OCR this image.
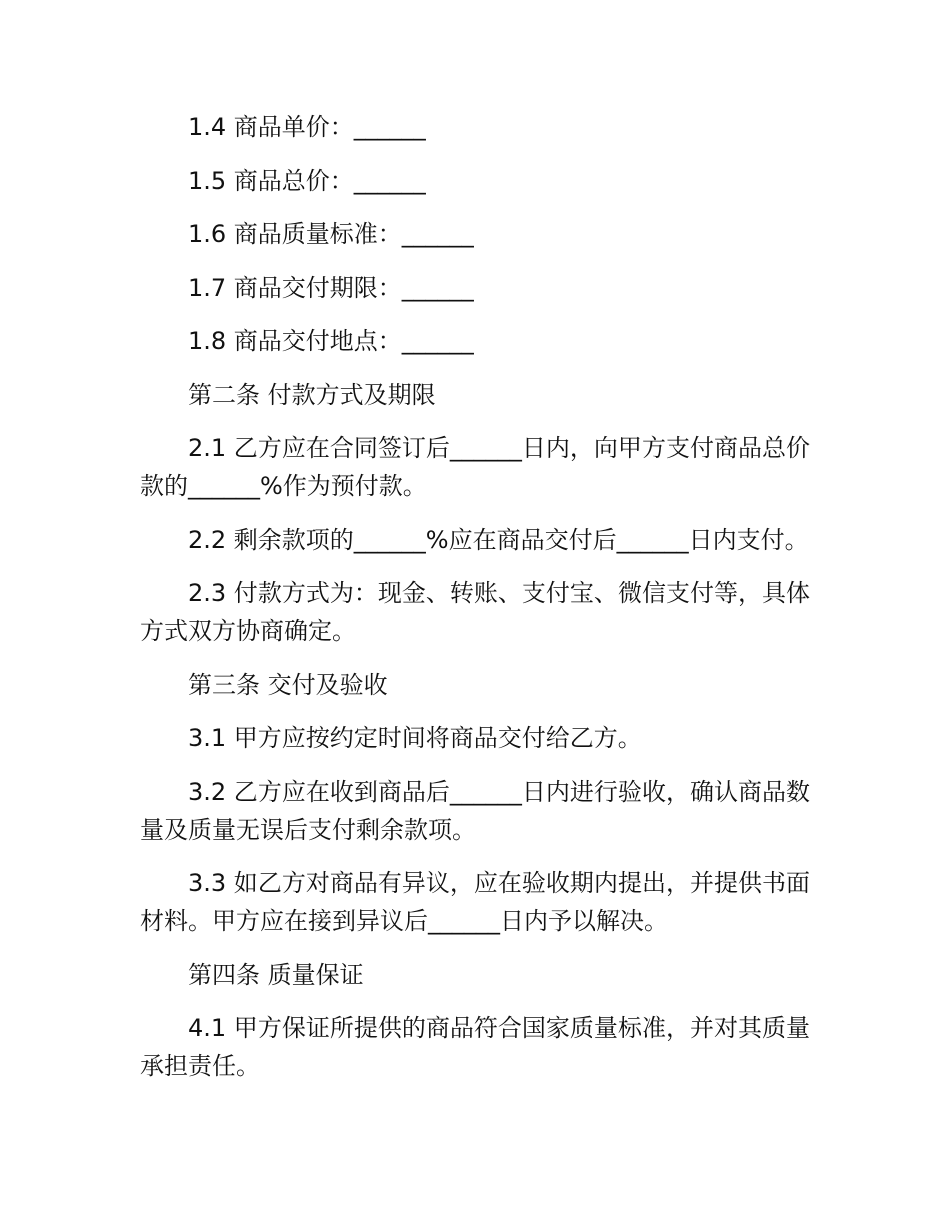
1.4 商品单价：______

1.5 商品总价：______

1.6 商品质量标准：______

1.7 商品交付期限：______

1.8 商品交付地点：______

第二条 付款方式及期限

2.1 乙方应在合同签订后______日内，向甲方支付商品总价款的______%作为预付款。

2.2 剩余款项的______%应在商品交付后______日内支付。

2.3 付款方式为：现金、转账、支付宝、微信支付等，具体方式双方协商确定。

第三条 交付及验收

3.1 甲方应按约定时间将商品交付给乙方。

3.2 乙方应在收到商品后______日内进行验收，确认商品数量及质量无误后支付剩余款项。

3.3 如乙方对商品有异议，应在验收期内提出，并提供书面材料。甲方应在接到异议后______日内予以解决。

第四条 质量保证

4.1 甲方保证所提供的商品符合国家质量标准，并对其质量承担责任。
